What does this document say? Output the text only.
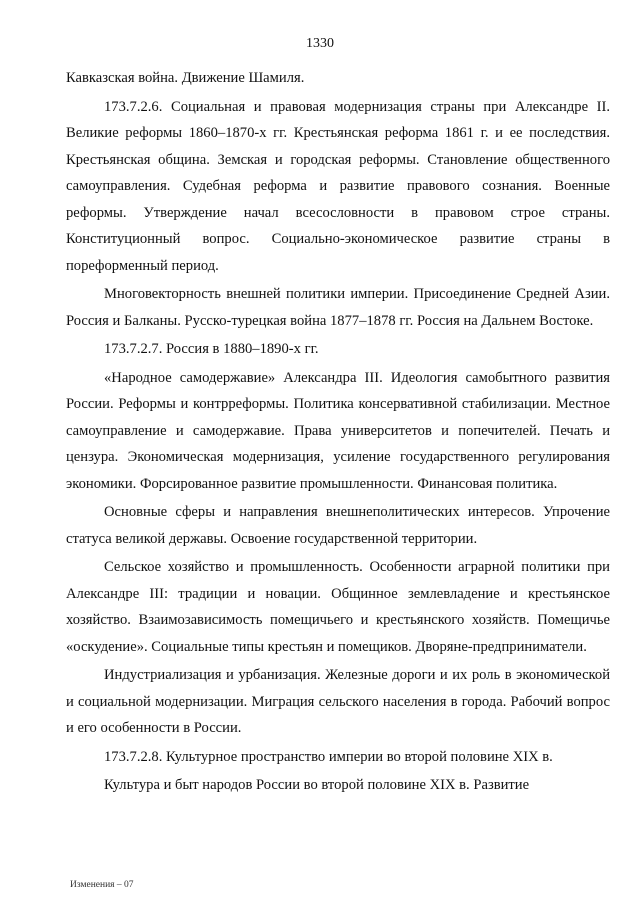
1330

Кавказская война. Движение Шамиля.

173.7.2.6. Социальная и правовая модернизация страны при Александре II. Великие реформы 1860–1870-х гг. Крестьянская реформа 1861 г. и ее последствия. Крестьянская община. Земская и городская реформы. Становление общественного самоуправления. Судебная реформа и развитие правового сознания. Военные реформы. Утверждение начал всесословности в правовом строе страны. Конституционный вопрос. Социально-экономическое развитие страны в пореформенный период.

Многовекторность внешней политики империи. Присоединение Средней Азии. Россия и Балканы. Русско-турецкая война 1877–1878 гг. Россия на Дальнем Востоке.

173.7.2.7. Россия в 1880–1890-х гг.

«Народное самодержавие» Александра III. Идеология самобытного развития России. Реформы и контрреформы. Политика консервативной стабилизации. Местное самоуправление и самодержавие. Права университетов и попечителей. Печать и цензура. Экономическая модернизация, усиление государственного регулирования экономики. Форсированное развитие промышленности. Финансовая политика.

Основные сферы и направления внешнеполитических интересов. Упрочение статуса великой державы. Освоение государственной территории.

Сельское хозяйство и промышленность. Особенности аграрной политики при Александре III: традиции и новации. Общинное землевладение и крестьянское хозяйство. Взаимозависимость помещичьего и крестьянского хозяйств. Помещичье «оскудение». Социальные типы крестьян и помещиков. Дворяне-предприниматели.

Индустриализация и урбанизация. Железные дороги и их роль в экономической и социальной модернизации. Миграция сельского населения в города. Рабочий вопрос и его особенности в России.

173.7.2.8. Культурное пространство империи во второй половине XIX в.

Культура и быт народов России во второй половине XIX в. Развитие

Изменения – 07
